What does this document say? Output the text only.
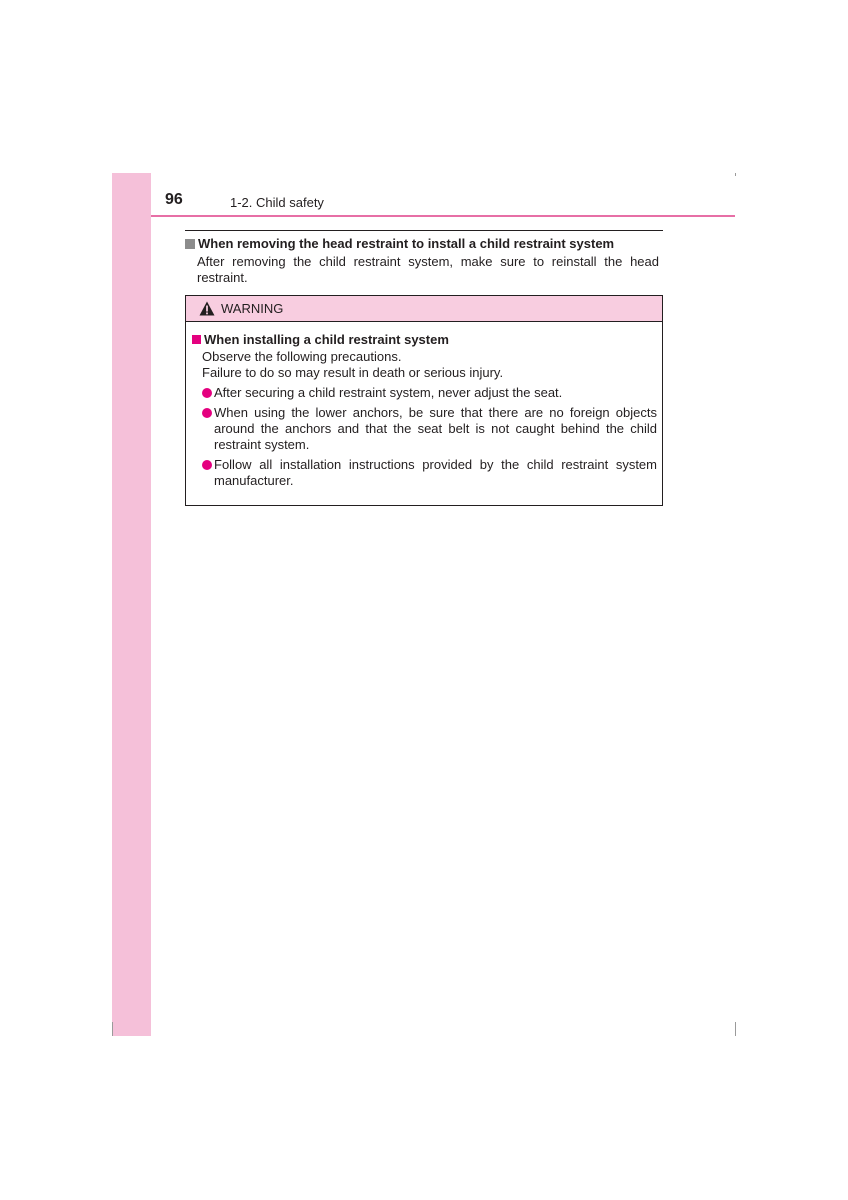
96	1-2. Child safety
When removing the head restraint to install a child restraint system
After removing the child restraint system, make sure to reinstall the head restraint.
WARNING
When installing a child restraint system
Observe the following precautions.
Failure to do so may result in death or serious injury.
After securing a child restraint system, never adjust the seat.
When using the lower anchors, be sure that there are no foreign objects around the anchors and that the seat belt is not caught behind the child restraint system.
Follow all installation instructions provided by the child restraint system manufacturer.
